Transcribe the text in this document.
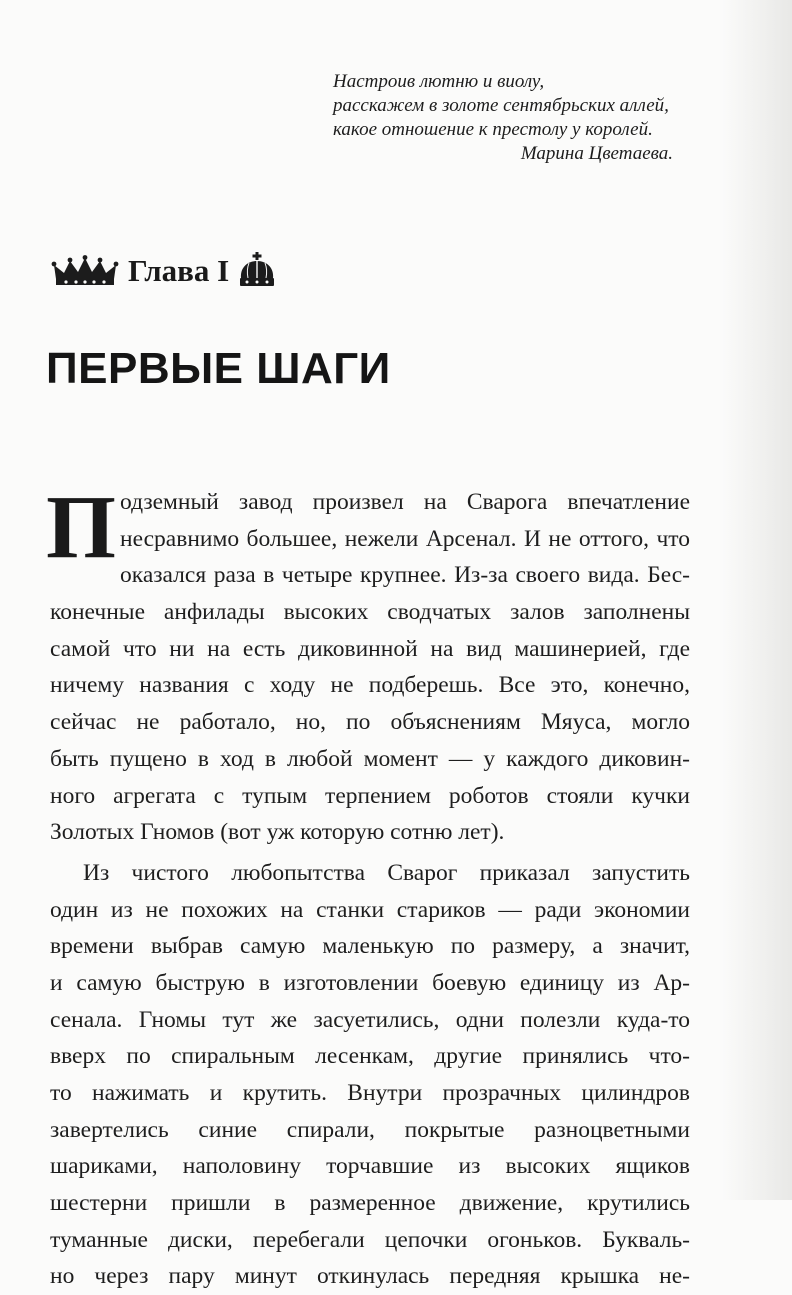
Настроив лютню и виолу,
расскажем в золоте сентябрьских аллей,
какое отношение к престолу у королей.
Марина Цветаева.
Глава I
ПЕРВЫЕ ШАГИ
П одземный завод произвел на Сварога впечатление
несравнимо большее, нежели Арсенал. И не оттого, что
оказался раза в четыре крупнее. Из-за своего вида. Бес-
конечные анфилады высоких сводчатых залов заполнены
самой что ни на есть диковинной на вид машинерией, где
ничему названия с ходу не подберешь. Все это, конечно,
сейчас не работало, но, по объяснениям Мяуса, могло
быть пущено в ход в любой момент — у каждого диковин-
ного агрегата с тупым терпением роботов стояли кучки
Золотых Гномов (вот уж которую сотню лет).
Из чистого любопытства Сварог приказал запустить
один из не похожих на станки стариков — ради экономии
времени выбрав самую маленькую по размеру, а значит,
и самую быструю в изготовлении боевую единицу из Ар-
сенала. Гномы тут же засуетились, одни полезли куда-то
вверх по спиральным лесенкам, другие принялись что-
то нажимать и крутить. Внутри прозрачных цилиндров
завертелись синие спирали, покрытые разноцветными
шариками, наполовину торчавшие из высоких ящиков
шестерни пришли в размеренное движение, крутились
туманные диски, перебегали цепочки огоньков. Букваль-
но через пару минут откинулась передняя крышка не-
